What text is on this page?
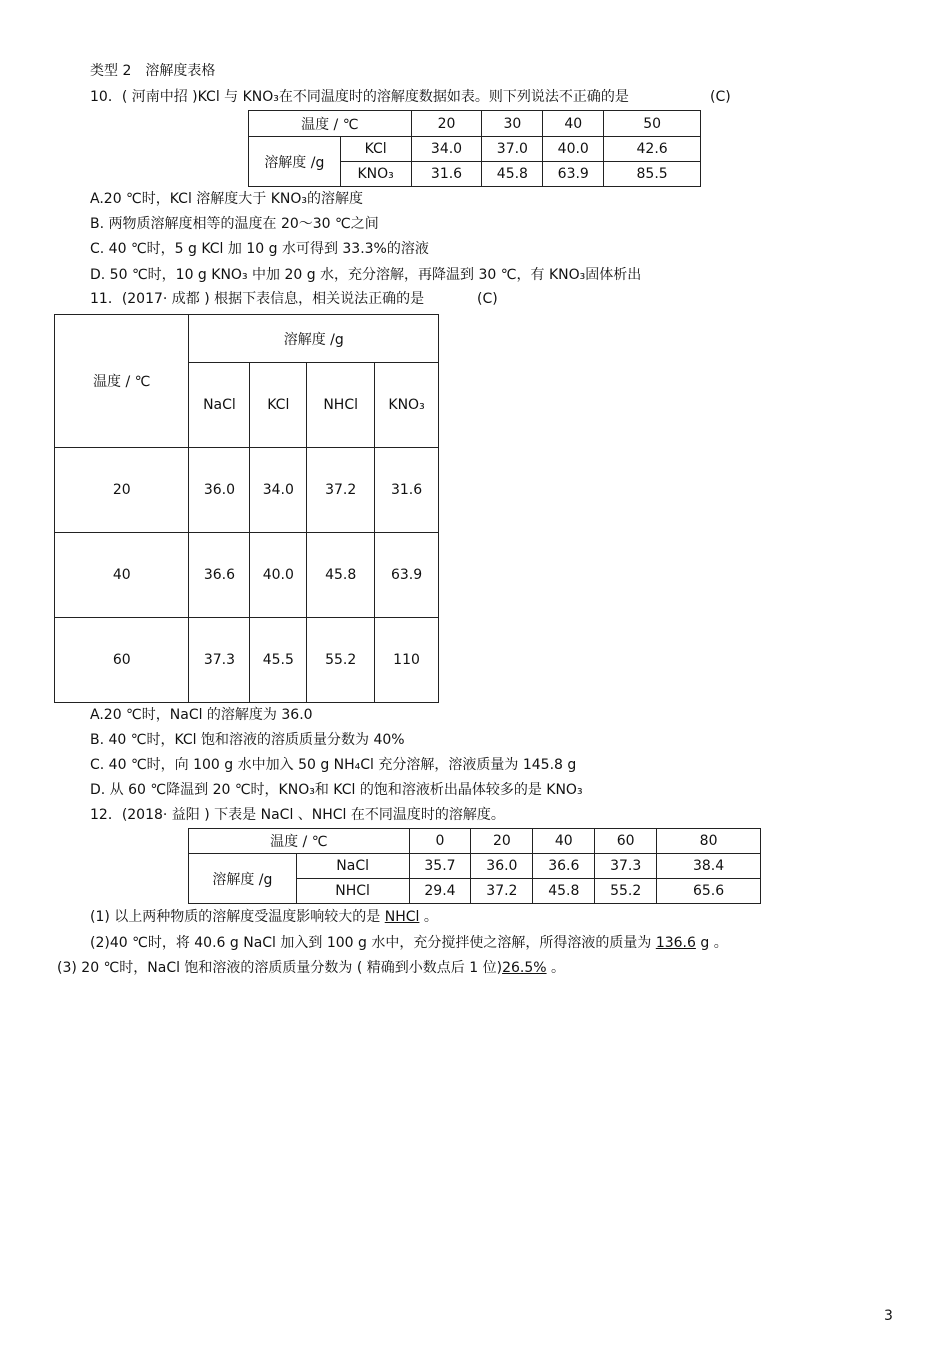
类型 2　溶解度表格
10．( 河南中招 )KCl 与 KNO₃在不同温度时的溶解度数据如表。则下列说法不正确的是	(C)
温度 / ℃		20	30	40	50
溶解度 /g	KCl	34.0	37.0	40.0	42.6
	KNO₃	31.6	45.8	63.9	85.5
A.20 ℃时，KCl 溶解度大于 KNO₃的溶解度
B. 两物质溶解度相等的温度在 20～30 ℃之间
C. 40 ℃时，5 g KCl 加 10 g 水可得到 33.3%的溶液
D. 50 ℃时，10 g KNO₃ 中加 20 g 水，充分溶解，再降温到 30 ℃，有 KNO₃固体析出
11．(2017· 成都 ) 根据下表信息，相关说法正确的是	(C)
温度 / ℃	溶解度 /g			
	NaCl	KCl	NHCl	KNO₃
20	36.0	34.0	37.2	31.6
40	36.6	40.0	45.8	63.9
60	37.3	45.5	55.2	110
A.20 ℃时，NaCl 的溶解度为 36.0
B. 40 ℃时，KCl 饱和溶液的溶质质量分数为 40%
C. 40 ℃时，向 100 g 水中加入 50 g NH₄Cl 充分溶解，溶液质量为 145.8 g
D. 从 60 ℃降温到 20 ℃时，KNO₃和 KCl 的饱和溶液析出晶体较多的是 KNO₃
12．(2018· 益阳 ) 下表是 NaCl 、NHCl 在不同温度时的溶解度。
温度 / ℃		0	20	40	60	80
溶解度 /g	NaCl	35.7	36.0	36.6	37.3	38.4
	NHCl	29.4	37.2	45.8	55.2	65.6
(1) 以上两种物质的溶解度受温度影响较大的是 NHCl 。
(2)40 ℃时，将 40.6 g NaCl 加入到 100 g 水中，充分搅拌使之溶解，所得溶液的质量为 136.6 g 。
(3) 20 ℃时，NaCl 饱和溶液的溶质质量分数为 ( 精确到小数点后 1 位)26.5% 。
3
